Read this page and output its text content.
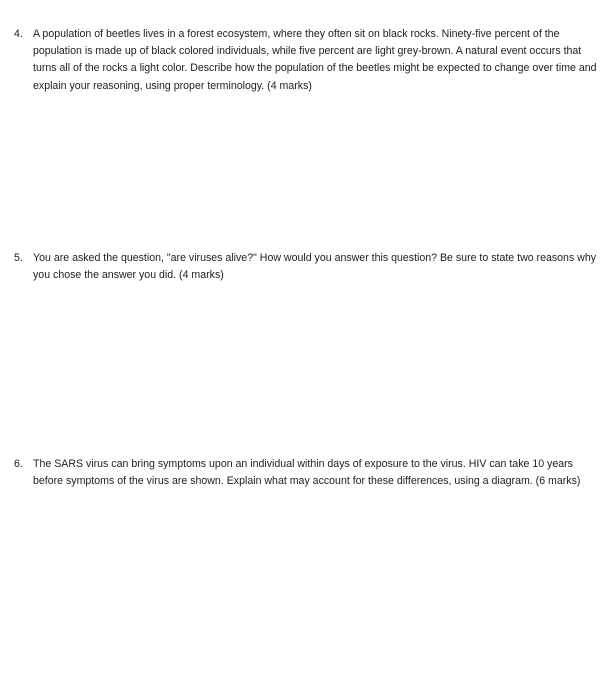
4. A population of beetles lives in a forest ecosystem, where they often sit on black rocks. Ninety-five percent of the population is made up of black colored individuals, while five percent are light grey-brown. A natural event occurs that turns all of the rocks a light color. Describe how the population of the beetles might be expected to change over time and explain your reasoning, using proper terminology. (4 marks)
5. You are asked the question, "are viruses alive?" How would you answer this question? Be sure to state two reasons why you chose the answer you did. (4 marks)
6. The SARS virus can bring symptoms upon an individual within days of exposure to the virus. HIV can take 10 years before symptoms of the virus are shown. Explain what may account for these differences, using a diagram. (6 marks)
